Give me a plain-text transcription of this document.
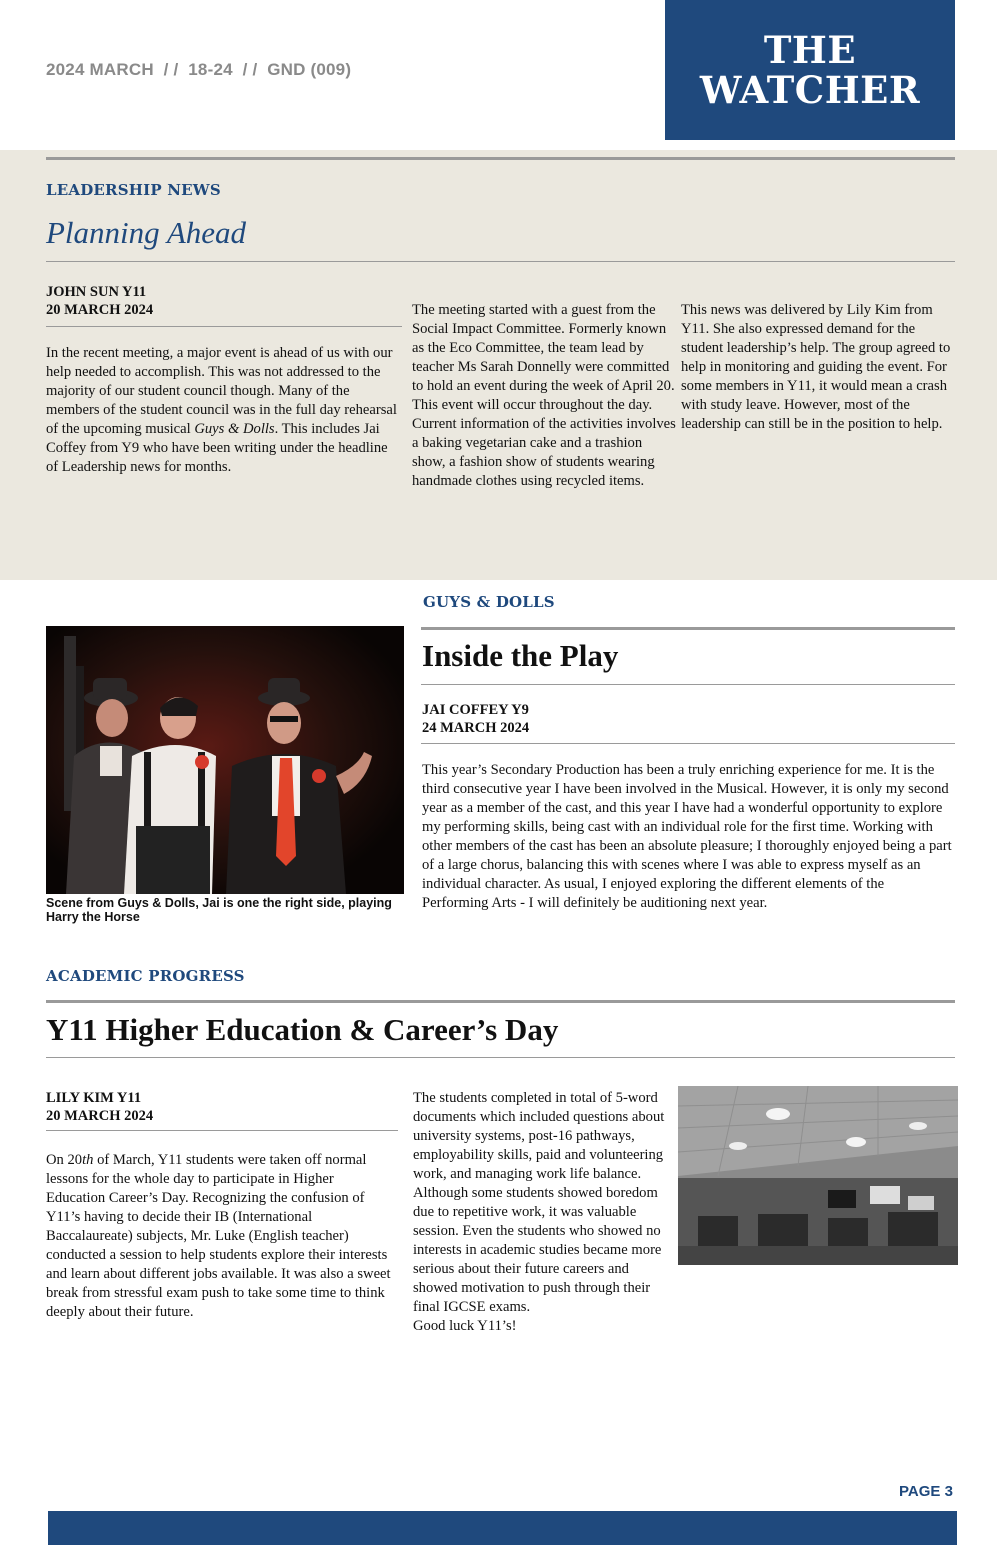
2024 MARCH  / /  18-24  / /  GND (009)	THE
WATCHER
LEADERSHIP NEWS
Planning Ahead
JOHN SUN Y11
20 MARCH 2024
In the recent meeting, a major event is ahead of us with our help needed to accomplish. This was not addressed to the majority of our student council though. Many of the members of the student council was in the full day rehearsal of the upcoming musical Guys & Dolls. This includes Jai Coffey from Y9 who have been writing under the headline of Leadership news for months.
The meeting started with a guest from the Social Impact Committee. Formerly known as the Eco Committee, the team lead by teacher Ms Sarah Donnelly were committed to hold an event during the week of April 20. This event will occur throughout the day. Current information of the activities involves a baking vegetarian cake and a trashion show, a fashion show of students wearing handmade clothes using recycled items.
This news was delivered by Lily Kim from Y11. She also expressed demand for the student leadership’s help. The group agreed to help in monitoring and guiding the event. For some members in Y11, it would mean a crash with study leave. However, most of the leadership can still be in the position to help.
GUYS & DOLLS
Inside the Play
JAI COFFEY Y9
24 MARCH 2024
This year’s Secondary Production has been a truly enriching experience for me. It is the third consecutive year I have been involved in the Musical. However, it is only my second year as a member of the cast, and this year I have had a wonderful opportunity to explore my performing skills, being cast with an individual role for the first time. Working with other members of the cast has been an absolute pleasure; I thoroughly enjoyed being a part of a large chorus, balancing this with scenes where I was able to express myself as an individual character. As usual, I enjoyed exploring the different elements of the Performing Arts - I will definitely be auditioning next year.
Scene from Guys & Dolls, Jai is one the right side, playing Harry the Horse
ACADEMIC PROGRESS
Y11 Higher Education & Career’s Day
LILY KIM Y11
20 MARCH 2024
On 20th of March, Y11 students were taken off normal lessons for the whole day to participate in Higher Education Career’s Day. Recognizing the confusion of Y11’s having to decide their IB (International Baccalaureate) subjects, Mr. Luke (English teacher) conducted a session to help students explore their interests and learn about different jobs available. It was also a sweet break from stressful exam push to take some time to think deeply about their future.
The students completed in total of 5-word documents which included questions about university systems, post-16 pathways, employability skills, paid and volunteering work, and managing work life balance. Although some students showed boredom due to repetitive work, it was valuable session. Even the students who showed no interests in academic studies became more serious about their future careers and showed motivation to push through their final IGCSE exams.
Good luck Y11’s!
PAGE 3
